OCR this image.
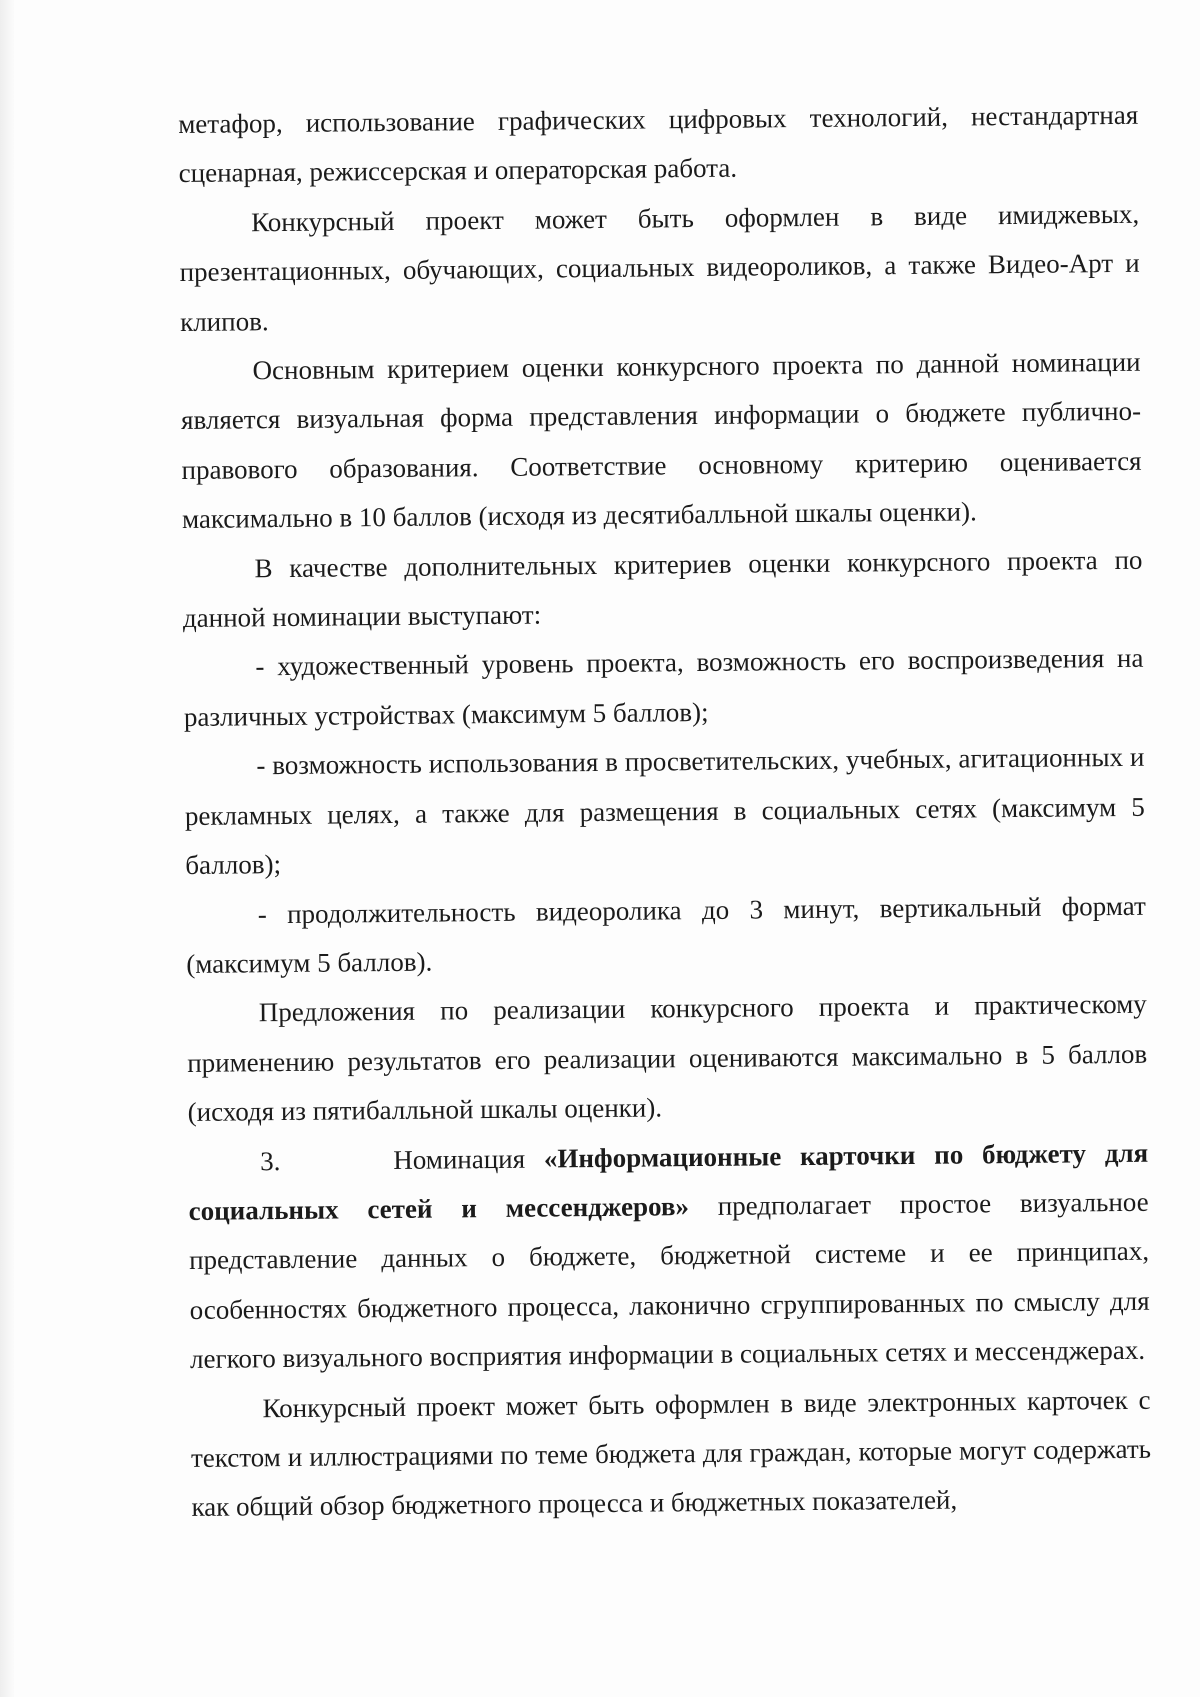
метафор, использование графических цифровых технологий, нестандартная сценарная, режиссерская и операторская работа.

Конкурсный проект может быть оформлен в виде имиджевых, презентационных, обучающих, социальных видеороликов, а также Видео-Арт и клипов.

Основным критерием оценки конкурсного проекта по данной номинации является визуальная форма представления информации о бюджете публично-правового образования. Соответствие основному критерию оценивается максимально в 10 баллов (исходя из десятибалльной шкалы оценки).

В качестве дополнительных критериев оценки конкурсного проекта по данной номинации выступают:

- художественный уровень проекта, возможность его воспроизведения на различных устройствах (максимум 5 баллов);

- возможность использования в просветительских, учебных, агитационных и рекламных целях, а также для размещения в социальных сетях (максимум 5 баллов);

- продолжительность видеоролика до 3 минут, вертикальный формат (максимум 5 баллов).

Предложения по реализации конкурсного проекта и практическому применению результатов его реализации оцениваются максимально в 5 баллов (исходя из пятибалльной шкалы оценки).

3.	Номинация «Информационные карточки по бюджету для социальных сетей и мессенджеров» предполагает простое визуальное представление данных о бюджете, бюджетной системе и ее принципах, особенностях бюджетного процесса, лаконично сгруппированных по смыслу для легкого визуального восприятия информации в социальных сетях и мессенджерах.

Конкурсный проект может быть оформлен в виде электронных карточек с текстом и иллюстрациями по теме бюджета для граждан, которые могут содержать как общий обзор бюджетного процесса и бюджетных показателей,
